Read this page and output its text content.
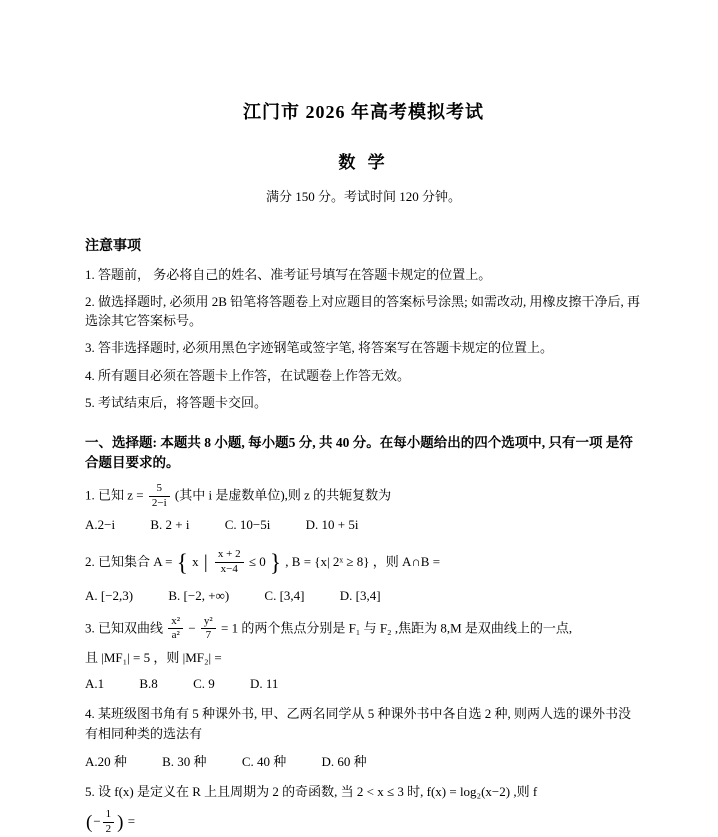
江门市 2026 年高考模拟考试
数 学

满分 150 分。考试时间 120 分钟。

注意事项

1. 答题前， 务必将自己的姓名、准考证号填写在答题卡规定的位置上。

2. 做选择题时, 必须用 2B 铅笔将答题卷上对应题目的答案标号涂黑; 如需改动, 用橡皮擦干净后, 再选涂其它答案标号。

3. 答非选择题时, 必须用黑色字迹钢笔或签字笔, 将答案写在答题卡规定的位置上。

4. 所有题目必须在答题卡上作答，在试题卷上作答无效。

5. 考试结束后，将答题卡交回。

一、选择题: 本题共 8 小题, 每小题5 分, 共 40 分。在每小题给出的四个选项中, 只有一项 是符合题目要求的。
1. 已知 $z = \frac{5}{2-i}$ (其中 i 是虚数单位),则 z 的共轭复数为
A.2−i	B. 2 + i	C. 10−5i	D. 10 + 5i
2. 已知集合 A = { x | $\frac{x + 2}{x-4} \le 0$ } , B = {x| 2ˣ ≥ 8} ，则 A∩B =
A. [−2,3)	B. [−2, +∞)	C. [3,4]	D. [3,4]
3. 已知双曲线 $\frac{\text{x²}}{\text{a²}} - \frac{\text{y²}}{7} = 1$ 的两个焦点分别是 F₁ 与 F₂ ,焦距为 8,M 是双曲线上的一点,
且 |MF₁| = 5 ，则 |MF₂| =
A.1	B.8	C. 9	D. 11
4. 某班级图书角有 5 种课外书, 甲、乙两名同学从 5 种课外书中各自选 2 种, 则两人选的课外书没有相同种类的选法有
A.20 种	B. 30 种	C. 40 种	D. 60 种
5. 设 f(x) 是定义在 R 上且周期为 2 的奇函数, 当 2 < x ≤ 3 时, f(x) = log₂(x−2) ,则 f
(− $\frac{1}{2}$ ) =
